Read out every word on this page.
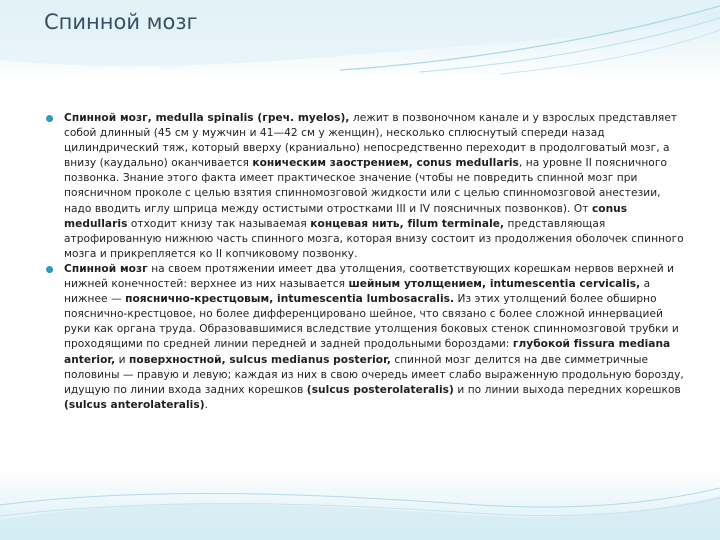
Спинной мозг

Спинной мозг, medulla spinalis (греч. myelos), лежит в позвоночном канале и у взрослых представляет собой длинный (45 см у мужчин и 41—42 см у женщин), несколько сплюснутый спереди назад цилиндрический тяж, который вверху (краниально) непосредственно переходит в продолговатый мозг, а внизу (каудально) оканчивается коническим заострением, conus medullaris, на уровне II поясничного позвонка. Знание этого факта имеет практическое значение (чтобы не повредить спинной мозг при поясничном проколе с целью взятия спинномозговой жидкости или с целью спинномозговой анестезии, надо вводить иглу шприца между остистыми отростками III и IV поясничных позвонков). От conus medullaris отходит книзу так называемая концевая нить, filum terminale, представляющая атрофированную нижнюю часть спинного мозга, которая внизу состоит из продолжения оболочек спинного мозга и прикрепляется ко II копчиковому позвонку.

Спинной мозг на своем протяжении имеет два утолщения, соответствующих корешкам нервов верхней и нижней конечностей: верхнее из них называется шейным утолщением, intumescentia cervicalis, а нижнее — пояснично-крестцовым, intumescentia lumbosacralis. Из этих утолщений более обширно пояснично-крестцовое, но более дифференцировано шейное, что связано с более сложной иннервацией руки как органа труда. Образовавшимися вследствие утолщения боковых стенок спинномозговой трубки и проходящими по средней линии передней и задней продольными бороздами: глубокой fissura mediana anterior, и поверхностной, sulcus medianus posterior, спинной мозг делится на две симметричные половины — правую и левую; каждая из них в свою очередь имеет слабо выраженную продольную борозду, идущую по линии входа задних корешков (sulcus posterolateralis) и по линии выхода передних корешков (sulcus anterolateralis).
